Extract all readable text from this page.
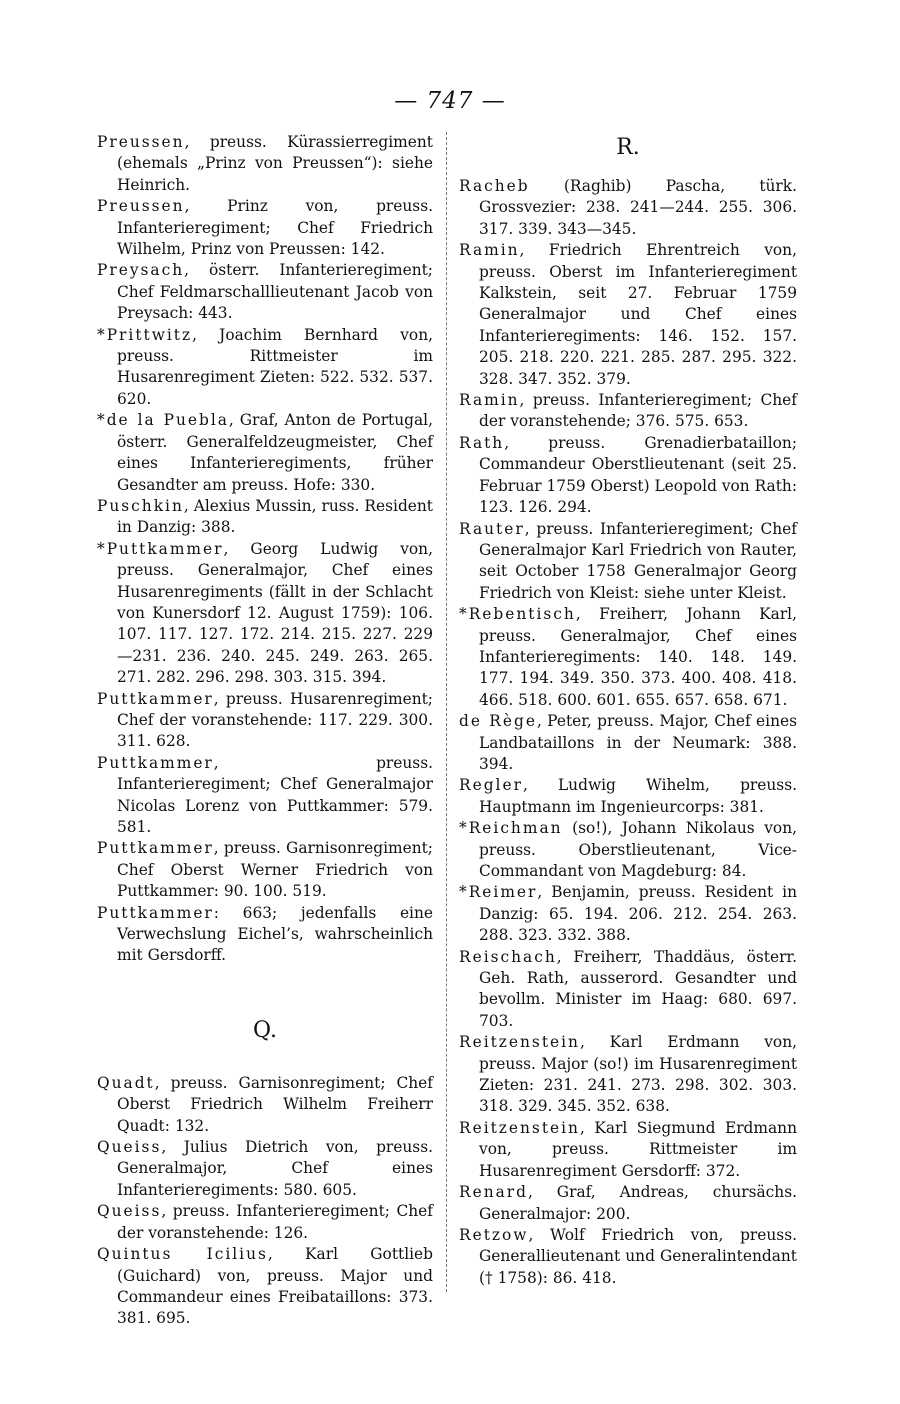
— 747 —

Preussen, preuss. Kürassierregiment (ehemals „Prinz von Preussen“): siehe Heinrich.

Preussen, Prinz von, preuss. Infanterieregiment; Chef Friedrich Wilhelm, Prinz von Preussen: 142.

Preysach, österr. Infanterieregiment; Chef Feldmarschalllieutenant Jacob von Preysach: 443.

*Prittwitz, Joachim Bernhard von, preuss. Rittmeister im Husarenregiment Zieten: 522. 532. 537. 620.

*de la Puebla, Graf, Anton de Portugal, österr. Generalfeldzeugmeister, Chef eines Infanterieregiments, früher Gesandter am preuss. Hofe: 330.

Puschkin, Alexius Mussin, russ. Resident in Danzig: 388.

*Puttkammer, Georg Ludwig von, preuss. Generalmajor, Chef eines Husarenregiments (fällt in der Schlacht von Kunersdorf 12. August 1759): 106. 107. 117. 127. 172. 214. 215. 227. 229—231. 236. 240. 245. 249. 263. 265. 271. 282. 296. 298. 303. 315. 394.

Puttkammer, preuss. Husarenregiment; Chef der voranstehende: 117. 229. 300. 311. 628.

Puttkammer, preuss. Infanterieregiment; Chef Generalmajor Nicolas Lorenz von Puttkammer: 579. 581.

Puttkammer, preuss. Garnisonregiment; Chef Oberst Werner Friedrich von Puttkammer: 90. 100. 519.

Puttkammer: 663; jedenfalls eine Verwechslung Eichel’s, wahrscheinlich mit Gersdorff.

Q.

Quadt, preuss. Garnisonregiment; Chef Oberst Friedrich Wilhelm Freiherr Quadt: 132.

Queiss, Julius Dietrich von, preuss. Generalmajor, Chef eines Infanterieregiments: 580. 605.

Queiss, preuss. Infanterieregiment; Chef der voranstehende: 126.

Quintus Icilius, Karl Gottlieb (Guichard) von, preuss. Major und Commandeur eines Freibataillons: 373. 381. 695.

R.

Racheb (Raghib) Pascha, türk. Grossvezier: 238. 241—244. 255. 306. 317. 339. 343—345.

Ramin, Friedrich Ehrentreich von, preuss. Oberst im Infanterieregiment Kalkstein, seit 27. Februar 1759 Generalmajor und Chef eines Infanterieregiments: 146. 152. 157. 205. 218. 220. 221. 285. 287. 295. 322. 328. 347. 352. 379.

Ramin, preuss. Infanterieregiment; Chef der voranstehende; 376. 575. 653.

Rath, preuss. Grenadierbataillon; Commandeur Oberstlieutenant (seit 25. Februar 1759 Oberst) Leopold von Rath: 123. 126. 294.

Rauter, preuss. Infanterieregiment; Chef Generalmajor Karl Friedrich von Rauter, seit October 1758 Generalmajor Georg Friedrich von Kleist: siehe unter Kleist.

*Rebentisch, Freiherr, Johann Karl, preuss. Generalmajor, Chef eines Infanterieregiments: 140. 148. 149. 177. 194. 349. 350. 373. 400. 408. 418. 466. 518. 600. 601. 655. 657. 658. 671.

de Rège, Peter, preuss. Major, Chef eines Landbataillons in der Neumark: 388. 394.

Regler, Ludwig Wihelm, preuss. Hauptmann im Ingenieurcorps: 381.

*Reichman (so!), Johann Nikolaus von, preuss. Oberstlieutenant, Vice-Commandant von Magdeburg: 84.

*Reimer, Benjamin, preuss. Resident in Danzig: 65. 194. 206. 212. 254. 263. 288. 323. 332. 388.

Reischach, Freiherr, Thaddäus, österr. Geh. Rath, ausserord. Gesandter und bevollm. Minister im Haag: 680. 697. 703.

Reitzenstein, Karl Erdmann von, preuss. Major (so!) im Husarenregiment Zieten: 231. 241. 273. 298. 302. 303. 318. 329. 345. 352. 638.

Reitzenstein, Karl Siegmund Erdmann von, preuss. Rittmeister im Husarenregiment Gersdorff: 372.

Renard, Graf, Andreas, chursächs. Generalmajor: 200.

Retzow, Wolf Friedrich von, preuss. Generallieutenant und Generalintendant († 1758): 86. 418.
